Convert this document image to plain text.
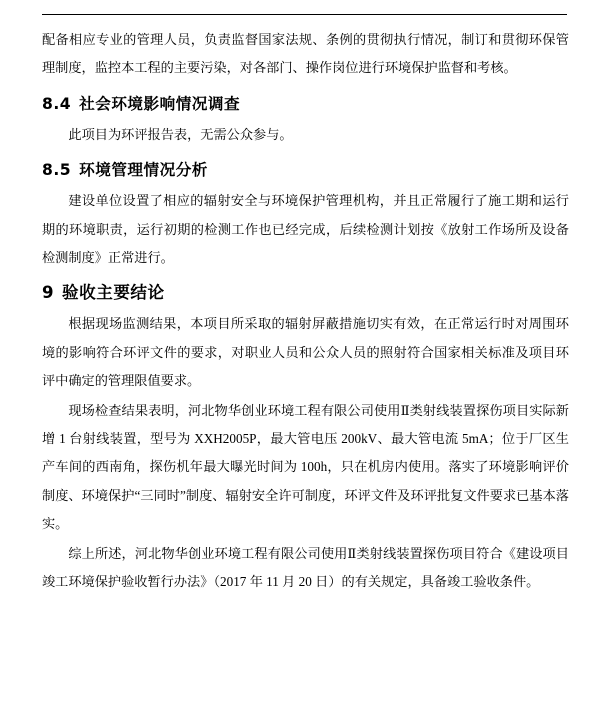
配备相应专业的管理人员，负责监督国家法规、条例的贯彻执行情况，制订和贯彻环保管理制度，监控本工程的主要污染，对各部门、操作岗位进行环境保护监督和考核。

8.4 社会环境影响情况调查

此项目为环评报告表，无需公众参与。

8.5 环境管理情况分析

建设单位设置了相应的辐射安全与环境保护管理机构，并且正常履行了施工期和运行期的环境职责，运行初期的检测工作也已经完成，后续检测计划按《放射工作场所及设备检测制度》正常进行。

9 验收主要结论

根据现场监测结果，本项目所采取的辐射屏蔽措施切实有效，在正常运行时对周围环境的影响符合环评文件的要求，对职业人员和公众人员的照射符合国家相关标准及项目环评中确定的管理限值要求。

现场检查结果表明，河北物华创业环境工程有限公司使用Ⅱ类射线装置探伤项目实际新增 1 台射线装置，型号为 XXH2005P，最大管电压 200kV、最大管电流 5mA；位于厂区生产车间的西南角，探伤机年最大曝光时间为 100h，只在机房内使用。落实了环境影响评价制度、环境保护“三同时”制度、辐射安全许可制度，环评文件及环评批复文件要求已基本落实。

综上所述，河北物华创业环境工程有限公司使用Ⅱ类射线装置探伤项目符合《建设项目竣工环境保护验收暂行办法》（2017 年 11 月 20 日）的有关规定，具备竣工验收条件。
